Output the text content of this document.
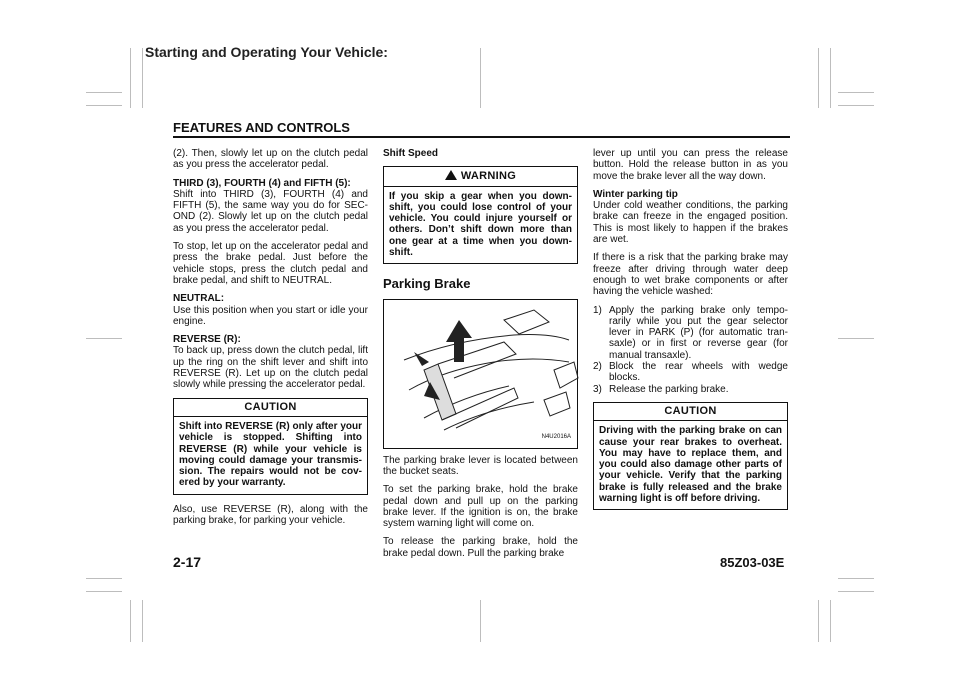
Starting and Operating Your Vehicle:
FEATURES AND CONTROLS

(2). Then, slowly let up on the clutch pedal as you press the accelerator pedal.

THIRD (3), FOURTH (4) and FIFTH (5):
Shift into THIRD (3), FOURTH (4) and FIFTH (5), the same way you do for SEC-OND (2). Slowly let up on the clutch pedal as you press the accelerator pedal.

To stop, let up on the accelerator pedal and press the brake pedal. Just before the vehicle stops, press the clutch pedal and brake pedal, and shift to NEUTRAL.

NEUTRAL:
Use this position when you start or idle your engine.

REVERSE (R):
To back up, press down the clutch pedal, lift up the ring on the shift lever and shift into REVERSE (R). Let up on the clutch pedal slowly while pressing the accelerator pedal.

CAUTION
Shift into REVERSE (R) only after your vehicle is stopped. Shifting into REVERSE (R) while your vehicle is moving could damage your transmis-sion. The repairs would not be cov-ered by your warranty.

Also, use REVERSE (R), along with the parking brake, for parking your vehicle.

Shift Speed

WARNING
If you skip a gear when you down-shift, you could lose control of your vehicle. You could injure yourself or others. Don’t shift down more than one gear at a time when you down-shift.
Parking Brake
N4U2016A

The parking brake lever is located between the bucket seats.

To set the parking brake, hold the brake pedal down and pull up on the parking brake lever. If the ignition is on, the brake system warning light will come on.

To release the parking brake, hold the brake pedal down. Pull the parking brake

lever up until you can press the release button. Hold the release button in as you move the brake lever all the way down.

Winter parking tip
Under cold weather conditions, the parking brake can freeze in the engaged position. This is most likely to happen if the brakes are wet.

If there is a risk that the parking brake may freeze after driving through water deep enough to wet brake components or after having the vehicle washed:

1) Apply the parking brake only tempo-rarily while you put the gear selector lever in PARK (P) (for automatic tran-saxle) or in first or reverse gear (for manual transaxle).
2) Block the rear wheels with wedge blocks.
3) Release the parking brake.
CAUTION
Driving with the parking brake on can cause your rear brakes to overheat. You may have to replace them, and you could also damage other parts of your vehicle. Verify that the parking brake is fully released and the brake warning light is off before driving.
2-17	85Z03-03E
